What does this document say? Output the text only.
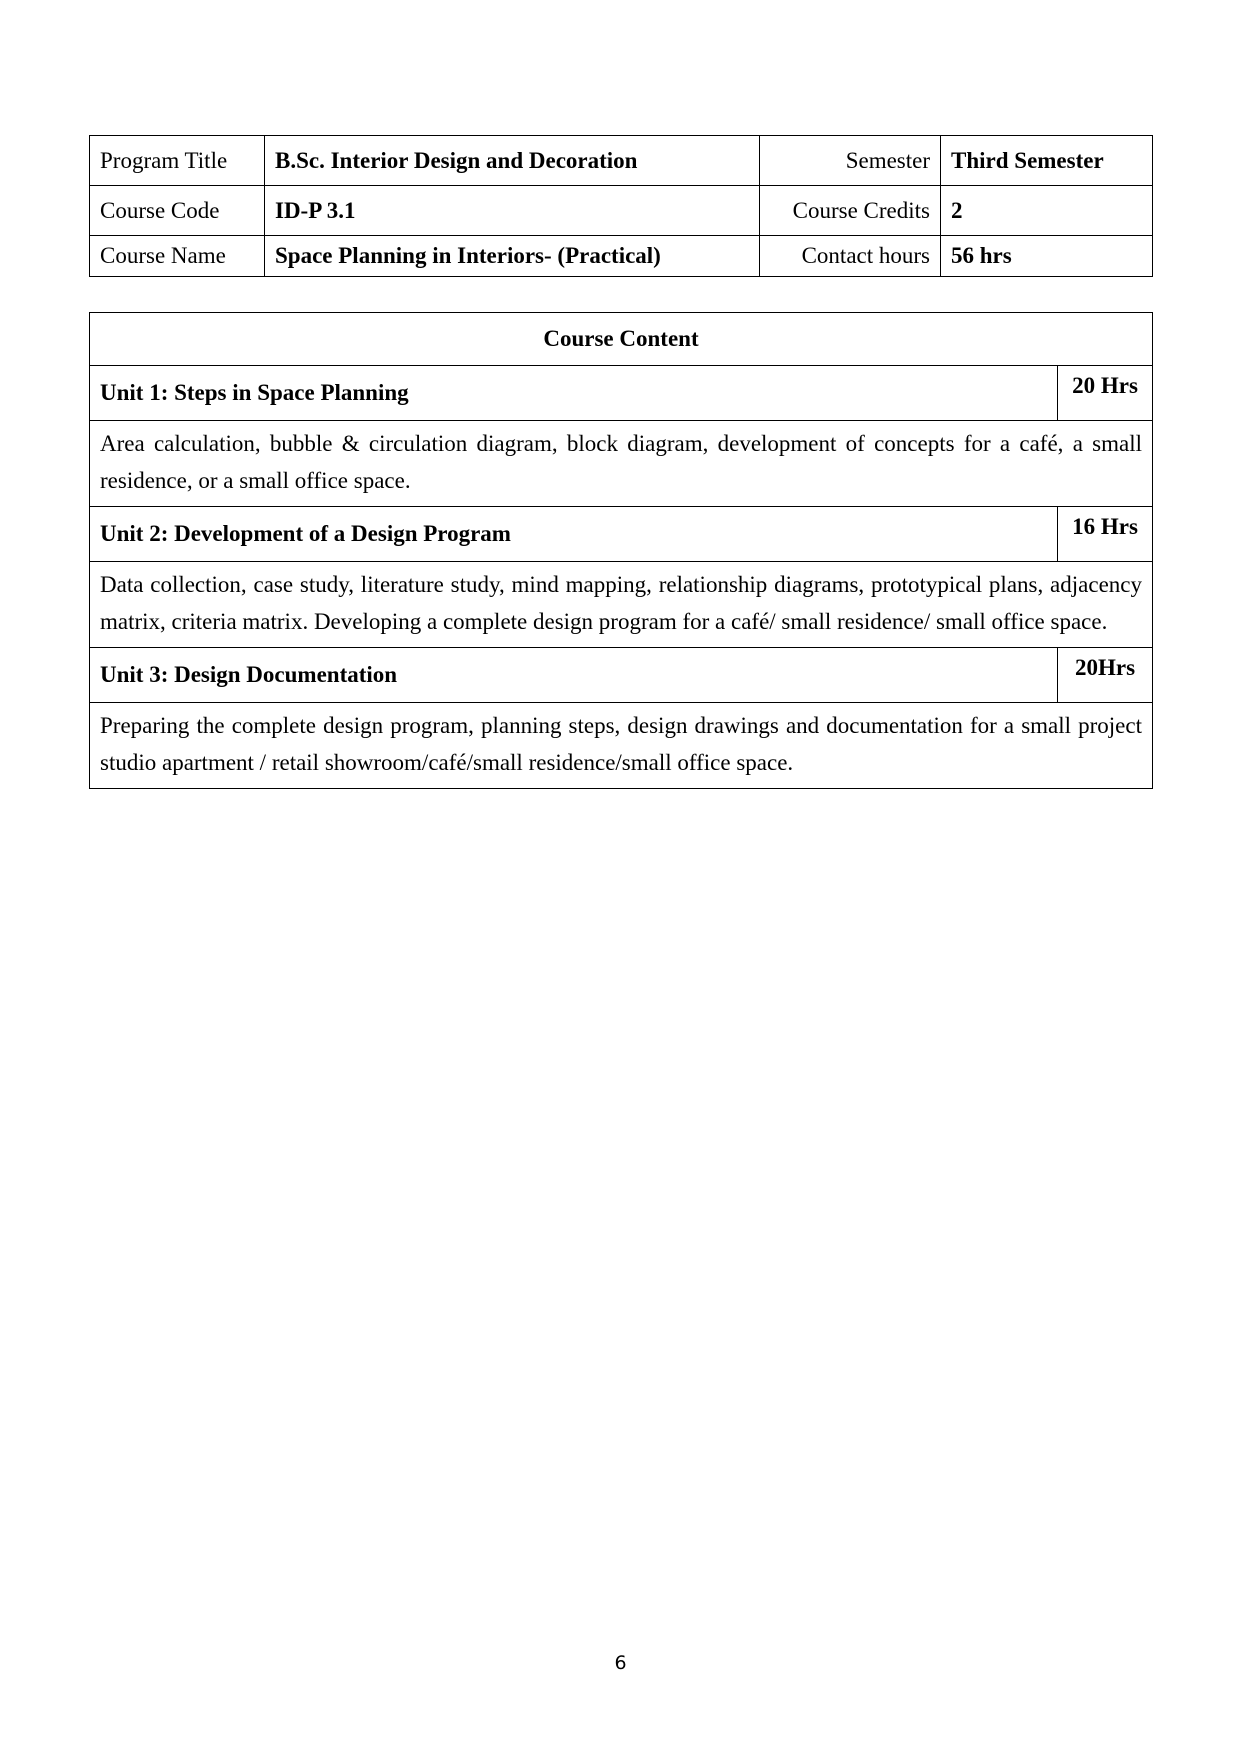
Program Title	B.Sc. Interior Design and Decoration	Semester	Third Semester
Course Code	ID-P 3.1	Course Credits	2
Course Name	Space Planning in Interiors- (Practical)	Contact hours	56 hrs
Course Content	
Unit 1: Steps in Space Planning	20 Hrs
Area calculation, bubble & circulation diagram, block diagram, development of concepts for a café, a small residence, or a small office space.	
Unit 2: Development of a Design Program	16 Hrs
Data collection, case study, literature study, mind mapping, relationship diagrams, prototypical plans, adjacency matrix, criteria matrix. Developing a complete design program for a café/ small residence/ small office space.	
Unit 3: Design Documentation	20Hrs
Preparing the complete design program, planning steps, design drawings and documentation for a small project studio apartment / retail showroom/café/small residence/small office space.	
6
